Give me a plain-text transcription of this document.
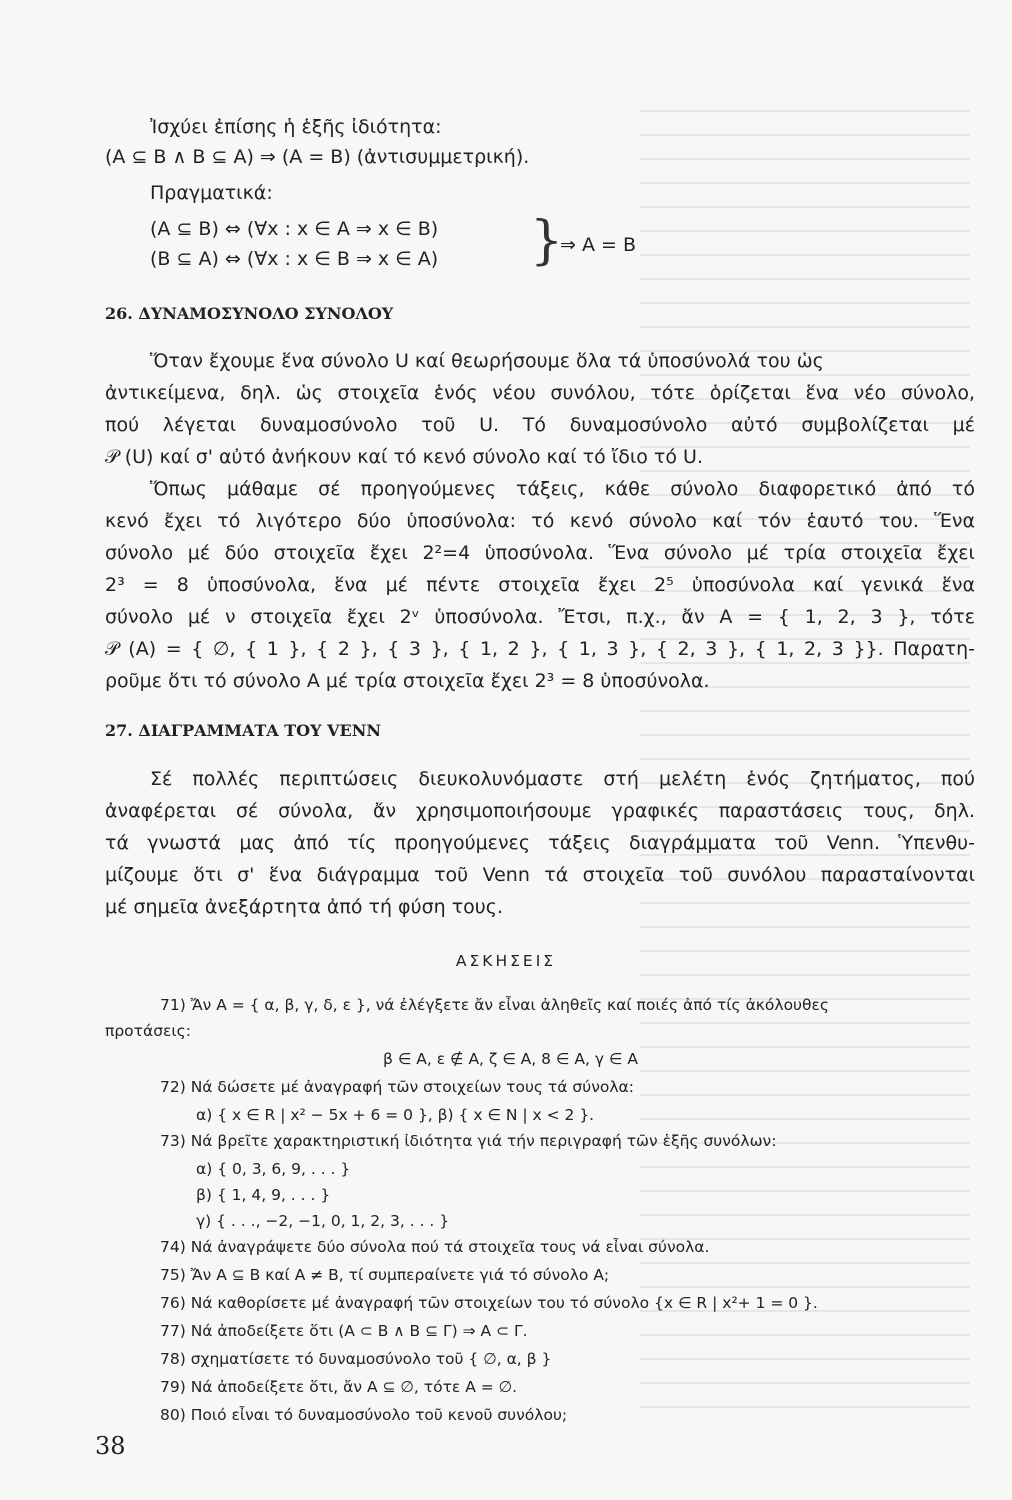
Ἰσχύει ἐπίσης ἡ ἑξῆς ἰδιότητα:
(A ⊆ B ∧ B ⊆ A) ⇒ (A = B) (ἀντισυμμετρική).
Πραγματικά:
(A ⊆ B) ⇔ (∀x : x ∈ A ⇒ x ∈ B)
(B ⊆ A) ⇔ (∀x : x ∈ B ⇒ x ∈ A) }
⇒ A = B
26. ΔΥΝΑΜΟΣΥΝΟΛΟ ΣΥΝΟΛΟΥ
Ὅταν ἔχουμε ἕνα σύνολο U καί θεωρήσουμε ὅλα τά ὑποσύνολά του ὡς
ἀντικείμενα, δηλ. ὡς στοιχεῖα ἑνός νέου συνόλου, τότε ὁρίζεται ἕνα νέο σύνολο,
πού λέγεται δυναμοσύνολο τοῦ U. Τό δυναμοσύνολο αὐτό συμβολίζεται μέ
𝒫 (U) καί σ' αὐτό ἀνήκουν καί τό κενό σύνολο καί τό ἴδιο τό U.
Ὅπως μάθαμε σέ προηγούμενες τάξεις, κάθε σύνολο διαφορετικό ἀπό τό
κενό ἔχει τό λιγότερο δύο ὑποσύνολα: τό κενό σύνολο καί τόν ἑαυτό του. Ἕνα
σύνολο μέ δύο στοιχεῖα ἔχει 2²=4 ὑποσύνολα. Ἕνα σύνολο μέ τρία στοιχεῖα ἔχει
2³ = 8 ὑποσύνολα, ἕνα μέ πέντε στοιχεῖα ἔχει 2⁵ ὑποσύνολα καί γενικά ἕνα
σύνολο μέ ν στοιχεῖα ἔχει 2ᵛ ὑποσύνολα. Ἔτσι, π.χ., ἄν A = { 1, 2, 3 }, τότε
𝒫 (A) = { ∅, { 1 }, { 2 }, { 3 }, { 1, 2 }, { 1, 3 }, { 2, 3 }, { 1, 2, 3 }}. Παρατη-
ροῦμε ὅτι τό σύνολο A μέ τρία στοιχεῖα ἔχει 2³ = 8 ὑποσύνολα.
27. ΔΙΑΓΡΑΜΜΑΤΑ ΤΟΥ VENN
Σέ πολλές περιπτώσεις διευκολυνόμαστε στή μελέτη ἑνός ζητήματος, πού
ἀναφέρεται σέ σύνολα, ἄν χρησιμοποιήσουμε γραφικές παραστάσεις τους, δηλ.
τά γνωστά μας ἀπό τίς προηγούμενες τάξεις διαγράμματα τοῦ Venn. Ὑπενθυ-
μίζουμε ὅτι σ' ἕνα διάγραμμα τοῦ Venn τά στοιχεῖα τοῦ συνόλου παρασταίνονται
μέ σημεῖα ἀνεξάρτητα ἀπό τή φύση τους.
ΑΣΚΗΣΕΙΣ
71) Ἄν A = { α, β, γ, δ, ε }, νά ἐλέγξετε ἄν εἶναι ἀληθεῖς καί ποιές ἀπό τίς ἀκόλουθες
προτάσεις:
β ∈ A, ε ∉ A, ζ ∈ A, 8 ∈ A, γ ∈ A
72) Νά δώσετε μέ ἀναγραφή τῶν στοιχείων τους τά σύνολα:
α) { x ∈ R | x² − 5x + 6 = 0 }, β) { x ∈ N | x < 2 }.
73) Νά βρεῖτε χαρακτηριστική ἰδιότητα γιά τήν περιγραφή τῶν ἑξῆς συνόλων:
α) { 0, 3, 6, 9, . . . }
β) { 1, 4, 9, . . . }
γ) { . . ., −2, −1, 0, 1, 2, 3, . . . }
74) Νά ἀναγράψετε δύο σύνολα πού τά στοιχεῖα τους νά εἶναι σύνολα.
75) Ἄν A ⊆ B καί A ≠ B, τί συμπεραίνετε γιά τό σύνολο A;
76) Νά καθορίσετε μέ ἀναγραφή τῶν στοιχείων του τό σύνολο {x ∈ R | x²+ 1 = 0 }.
77) Νά ἀποδείξετε ὅτι (A ⊂ B ∧ B ⊆ Γ) ⇒ A ⊂ Γ.
78) σχηματίσετε τό δυναμοσύνολο τοῦ { ∅, α, β }
79) Νά ἀποδείξετε ὅτι, ἄν A ⊆ ∅, τότε A = ∅.
80) Ποιό εἶναι τό δυναμοσύνολο τοῦ κενοῦ συνόλου;
38
